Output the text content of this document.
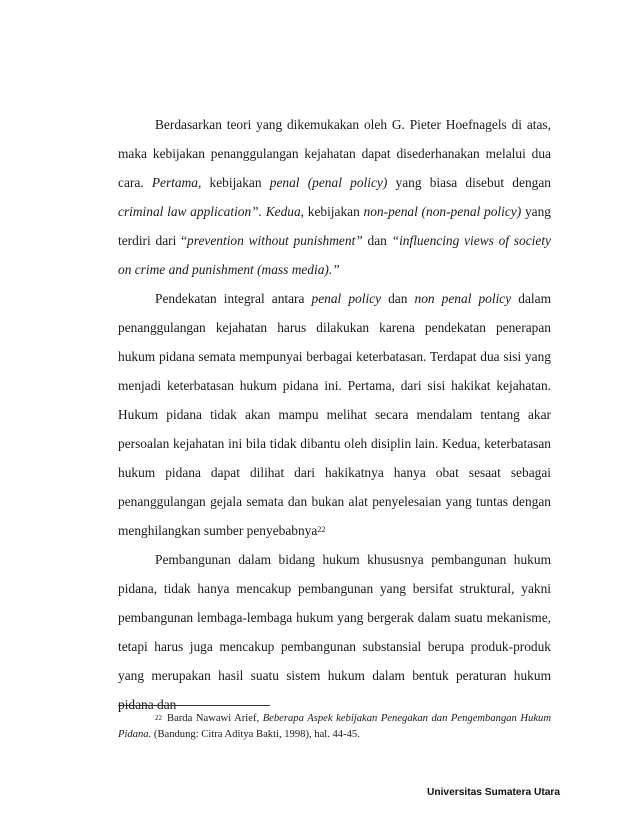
Berdasarkan teori yang dikemukakan oleh G. Pieter Hoefnagels di atas, maka kebijakan penanggulangan kejahatan dapat disederhanakan melalui dua cara. Pertama, kebijakan penal (penal policy) yang biasa disebut dengan criminal law application”. Kedua, kebijakan non-penal (non-penal policy) yang terdiri dari “prevention without punishment” dan “influencing views of society on crime and punishment (mass media).”

Pendekatan integral antara penal policy dan non penal policy dalam penanggulangan kejahatan harus dilakukan karena pendekatan penerapan hukum pidana semata mempunyai berbagai keterbatasan. Terdapat dua sisi yang menjadi keterbatasan hukum pidana ini. Pertama, dari sisi hakikat kejahatan. Hukum pidana tidak akan mampu melihat secara mendalam tentang akar persoalan kejahatan ini bila tidak dibantu oleh disiplin lain. Kedua, keterbatasan hukum pidana dapat dilihat dari hakikatnya hanya obat sesaat sebagai penanggulangan gejala semata dan bukan alat penyelesaian yang tuntas dengan menghilangkan sumber penyebabnya$^{22}$

Pembangunan dalam bidang hukum khususnya pembangunan hukum pidana, tidak hanya mencakup pembangunan yang bersifat struktural, yakni pembangunan lembaga-lembaga hukum yang bergerak dalam suatu mekanisme, tetapi harus juga mencakup pembangunan substansial berupa produk-produk yang merupakan hasil suatu sistem hukum dalam bentuk peraturan hukum pidana dan

22 Barda Nawawi Arief, Beberapa Aspek kebijakan Penegakan dan Pengembangan Hukum Pidana. (Bandung: Citra Aditya Bakti, 1998), hal. 44-45.
Universitas Sumatera Utara
